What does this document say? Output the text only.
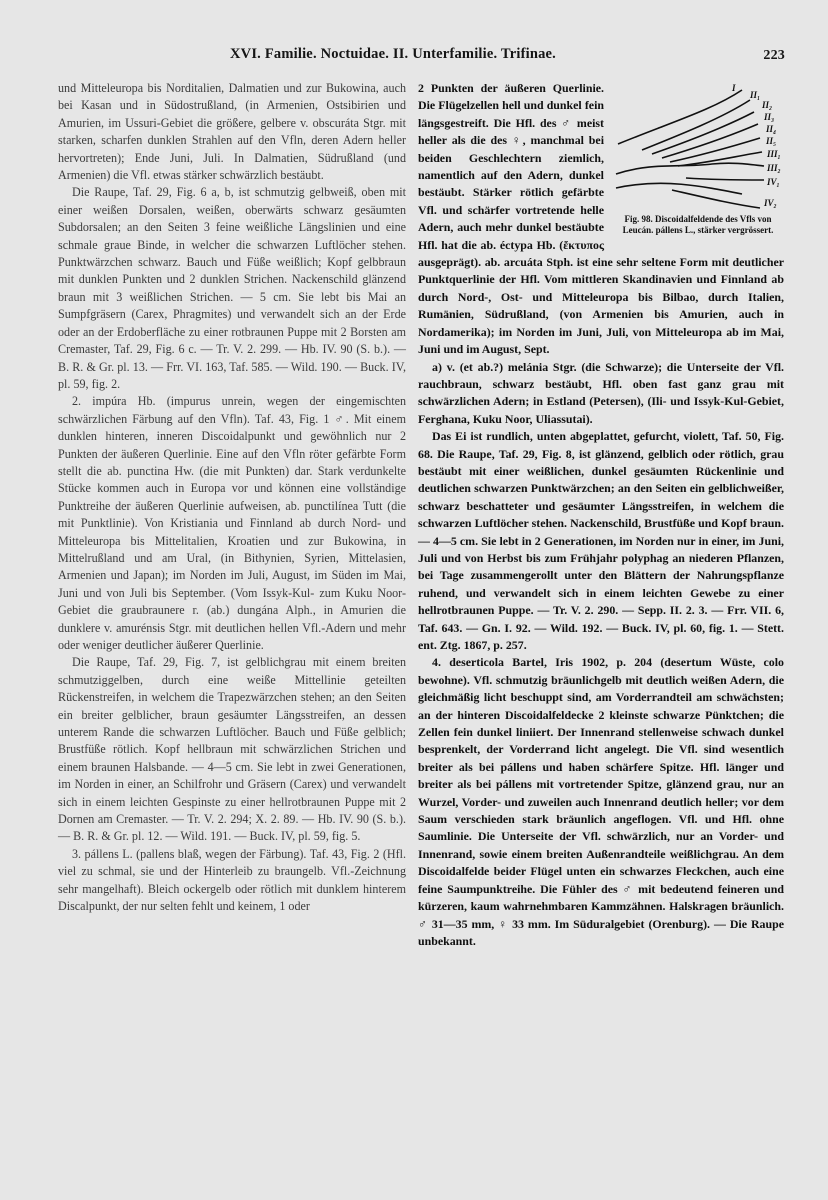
XVI. Familie. Noctuidae. II. Unterfamilie. Trifinae.	223

und Mitteleuropa bis Norditalien, Dalmatien und zur Bukowina, auch bei Kasan und in Südostrußland, (in Armenien, Ostsibirien und Amurien, im Ussuri-Gebiet die größere, gelbere v. obscuráta Stgr. mit starken, scharfen dunklen Strahlen auf den Vfln, deren Adern heller hervortreten); Ende Juni, Juli. In Dalmatien, Südrußland (und Armenien) die Vfl. etwas stärker schwärzlich bestäubt.

Die Raupe, Taf. 29, Fig. 6 a, b, ist schmutzig gelbweiß, oben mit einer weißen Dorsalen, weißen, oberwärts schwarz gesäumten Subdorsalen; an den Seiten 3 feine weißliche Längslinien und eine schmale graue Binde, in welcher die schwarzen Luftlöcher stehen. Punktwärzchen schwarz. Bauch und Füße weißlich; Kopf gelbbraun mit dunklen Punkten und 2 dunklen Strichen. Nackenschild glänzend braun mit 3 weißlichen Strichen. — 5 cm. Sie lebt bis Mai an Sumpfgräsern (Carex, Phragmites) und verwandelt sich an der Erde oder an der Erdoberfläche zu einer rotbraunen Puppe mit 2 Borsten am Cremaster, Taf. 29, Fig. 6 c. — Tr. V. 2. 299. — Hb. IV. 90 (S. b.). — B. R. & Gr. pl. 13. — Frr. VI. 163, Taf. 585. — Wild. 190. — Buck. IV, pl. 59, fig. 2.

2. impúra Hb. (impurus unrein, wegen der eingemischten schwärzlichen Färbung auf den Vfln). Taf. 43, Fig. 1 ♂. Mit einem dunklen hinteren, inneren Discoidalpunkt und gewöhnlich nur 2 Punkten der äußeren Querlinie. Eine auf den Vfln röter gefärbte Form stellt die ab. punctina Hw. (die mit Punkten) dar. Stark verdunkelte Stücke kommen auch in Europa vor und können eine vollständige Punktreihe der äußeren Querlinie aufweisen, ab. punctilínea Tutt (die mit Punktlinie). Von Kristiania und Finnland ab durch Nord- und Mitteleuropa bis Mittelitalien, Kroatien und zur Bukowina, in Mittelrußland und am Ural, (in Bithynien, Syrien, Mittelasien, Armenien und Japan); im Norden im Juli, August, im Süden im Mai, Juni und von Juli bis September. (Vom Issyk-Kul- zum Kuku Noor-Gebiet die graubraunere r. (ab.) dungána Alph., in Amurien die dunklere v. amurénsis Stgr. mit deutlichen hellen Vfl.-Adern und mehr oder weniger deutlicher äußerer Querlinie.

Die Raupe, Taf. 29, Fig. 7, ist gelblichgrau mit einem breiten schmutziggelben, durch eine weiße Mittellinie geteilten Rückenstreifen, in welchem die Trapezwärzchen stehen; an den Seiten ein breiter gelblicher, braun gesäumter Längsstreifen, an dessen unterem Rande die schwarzen Luftlöcher. Bauch und Füße gelblich; Brustfüße rötlich. Kopf hellbraun mit schwärzlichen Strichen und einem braunen Halsbande. — 4—5 cm. Sie lebt in zwei Generationen, im Norden in einer, an Schilfrohr und Gräsern (Carex) und verwandelt sich in einem leichten Gespinste zu einer hellrotbraunen Puppe mit 2 Dornen am Cremaster. — Tr. V. 2. 294; X. 2. 89. — Hb. IV. 90 (S. b.). — B. R. & Gr. pl. 12. — Wild. 191. — Buck. IV, pl. 59, fig. 5.

3. pállens L. (pallens blaß, wegen der Färbung). Taf. 43, Fig. 2 (Hfl. viel zu schmal, sie und der Hinterleib zu braungelb. Vfl.-Zeichnung sehr mangelhaft). Bleich ockergelb oder rötlich mit dunklem hinterem Discalpunkt, der nur selten fehlt und keinem, 1 oder

I
II₁
II₂
II₃
II₄
II₅
III₁
III₂
IV₁
IV₂
Fig. 98. Discoidalfeldende des Vfls von Leucán. pállens L., stärker vergrössert.

2 Punkten der äußeren Querlinie. Die Flügelzellen hell und dunkel fein längsgestreift. Die Hfl. des ♂ meist heller als die des ♀, manchmal bei beiden Geschlechtern ziemlich, namentlich auf den Adern, dunkel bestäubt. Stärker rötlich gefärbte Vfl. und schärfer vortretende helle Adern, auch mehr dunkel bestäubte Hfl. hat die ab. éctypa Hb. (ἔκτυπος ausgeprägt). ab. arcuáta Stph. ist eine sehr seltene Form mit deutlicher Punktquerlinie der Hfl. Vom mittleren Skandinavien und Finnland ab durch Nord-, Ost- und Mitteleuropa bis Bilbao, durch Italien, Rumänien, Südrußland, (von Armenien bis Amurien, auch in Nordamerika); im Norden im Juni, Juli, von Mitteleuropa ab im Mai, Juni und im August, Sept.

a) v. (et ab.?) melánia Stgr. (die Schwarze); die Unterseite der Vfl. rauchbraun, schwarz bestäubt, Hfl. oben fast ganz grau mit schwärzlichen Adern; in Estland (Petersen), (Ili- und Issyk-Kul-Gebiet, Ferghana, Kuku Noor, Uliassutai).

Das Ei ist rundlich, unten abgeplattet, gefurcht, violett, Taf. 50, Fig. 68. Die Raupe, Taf. 29, Fig. 8, ist glänzend, gelblich oder rötlich, grau bestäubt mit einer weißlichen, dunkel gesäumten Rückenlinie und deutlichen schwarzen Punktwärzchen; an den Seiten ein gelblichweißer, schwarz beschatteter und gesäumter Längsstreifen, in welchem die schwarzen Luftlöcher stehen. Nackenschild, Brustfüße und Kopf braun. — 4—5 cm. Sie lebt in 2 Generationen, im Norden nur in einer, im Juni, Juli und von Herbst bis zum Frühjahr polyphag an niederen Pflanzen, bei Tage zusammengerollt unter den Blättern der Nahrungspflanze ruhend, und verwandelt sich in einem leichten Gewebe zu einer hellrotbraunen Puppe. — Tr. V. 2. 290. — Sepp. II. 2. 3. — Frr. VII. 6, Taf. 643. — Gn. I. 92. — Wild. 192. — Buck. IV, pl. 60, fig. 1. — Stett. ent. Ztg. 1867, p. 257.

4. deserticola Bartel, Iris 1902, p. 204 (desertum Wüste, colo bewohne). Vfl. schmutzig bräunlichgelb mit deutlich weißen Adern, die gleichmäßig licht beschuppt sind, am Vorderrandteil am schwächsten; an der hinteren Discoidalfeldecke 2 kleinste schwarze Pünktchen; die Zellen fein dunkel liniiert. Der Innenrand stellenweise schwach dunkel besprenkelt, der Vorderrand licht angelegt. Die Vfl. sind wesentlich breiter als bei pállens und haben schärfere Spitze. Hfl. länger und breiter als bei pállens mit vortretender Spitze, glänzend grau, nur an Wurzel, Vorder- und zuweilen auch Innenrand deutlich heller; vor dem Saum verschieden stark bräunlich angeflogen. Vfl. und Hfl. ohne Saumlinie. Die Unterseite der Vfl. schwärzlich, nur an Vorder- und Innenrand, sowie einem breiten Außenrandteile weißlichgrau. An dem Discoidalfelde beider Flügel unten ein schwarzes Fleckchen, auch eine feine Saumpunktreihe. Die Fühler des ♂ mit bedeutend feineren und kürzeren, kaum wahrnehmbaren Kammzähnen. Halskragen bräunlich. ♂ 31—35 mm, ♀ 33 mm. Im Süduralgebiet (Orenburg). — Die Raupe unbekannt.
